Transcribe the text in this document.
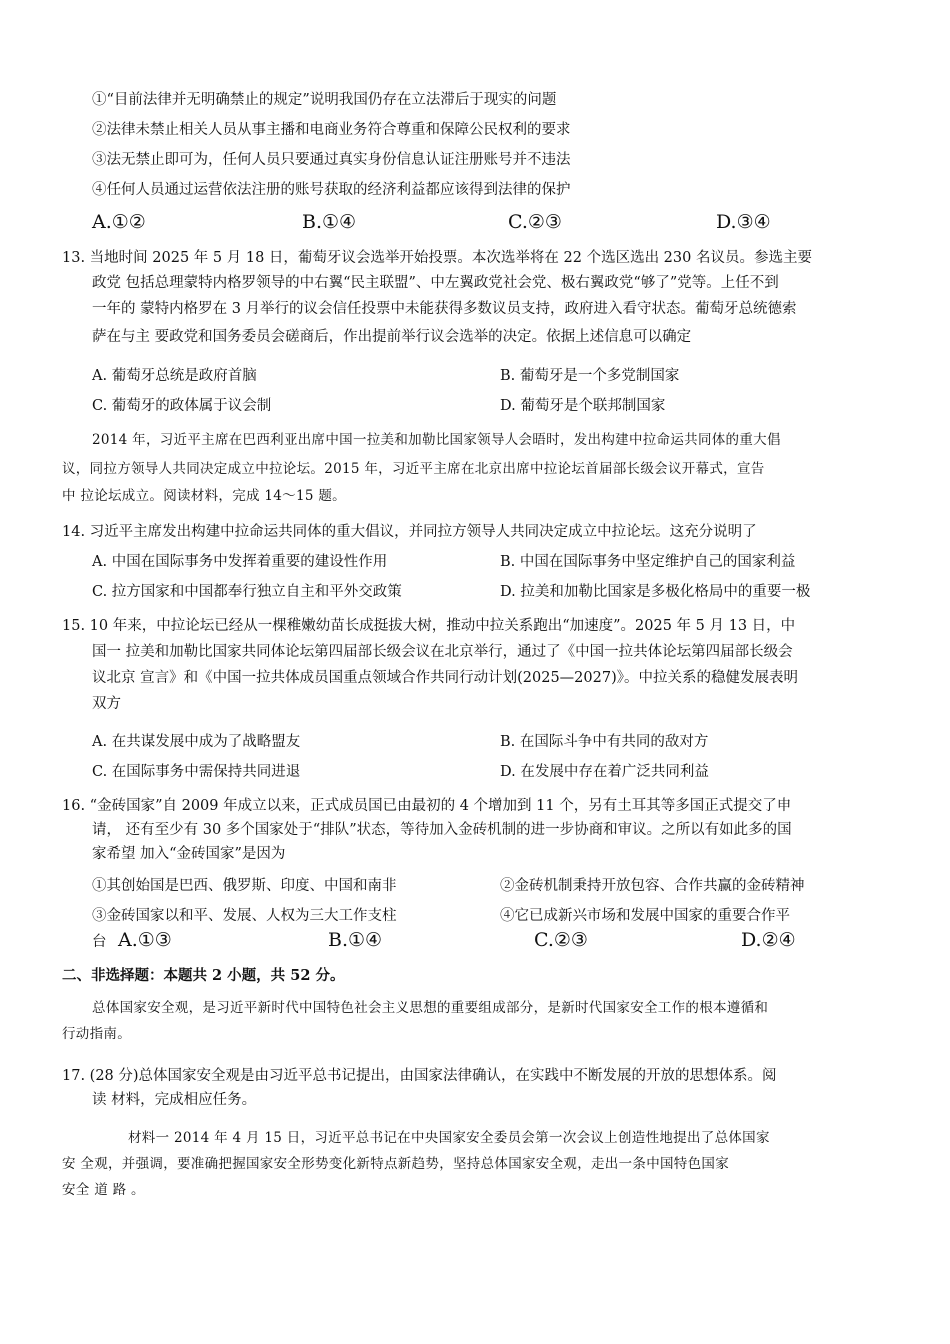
①“目前法律并无明确禁止的规定”说明我国仍存在立法滞后于现实的问题
②法律未禁止相关人员从事主播和电商业务符合尊重和保障公民权利的要求
③法无禁止即可为，任何人员只要通过真实身份信息认证注册账号并不违法
④任何人员通过运营依法注册的账号获取的经济利益都应该得到法律的保护
A.①②	B.①④	C.②③	D.③④
13. 当地时间 2025 年 5 月 18 日，葡萄牙议会选举开始投票。本次选举将在 22 个选区选出 230 名议员。参选主要
政党 包括总理蒙特内格罗领导的中右翼“民主联盟”、中左翼政党社会党、极右翼政党“够了”党等。上任不到
一年的 蒙特内格罗在 3 月举行的议会信任投票中未能获得多数议员支持，政府进入看守状态。葡萄牙总统德索
萨在与主 要政党和国务委员会磋商后，作出提前举行议会选举的决定。依据上述信息可以确定
A. 葡萄牙总统是政府首脑	B. 葡萄牙是一个多党制国家
C. 葡萄牙的政体属于议会制	D. 葡萄牙是个联邦制国家
2014 年，习近平主席在巴西利亚出席中国一拉美和加勒比国家领导人会晤时，发出构建中拉命运共同体的重大倡
议，同拉方领导人共同决定成立中拉论坛。2015 年，习近平主席在北京出席中拉论坛首届部长级会议开幕式，宣告
中 拉论坛成立。阅读材料，完成 14～15 题。
14. 习近平主席发出构建中拉命运共同体的重大倡议，并同拉方领导人共同决定成立中拉论坛。这充分说明了
A. 中国在国际事务中发挥着重要的建设性作用	B. 中国在国际事务中坚定维护自己的国家利益
C. 拉方国家和中国都奉行独立自主和平外交政策	D. 拉美和加勒比国家是多极化格局中的重要一极
15. 10 年来，中拉论坛已经从一棵稚嫩幼苗长成挺拔大树，推动中拉关系跑出“加速度”。2025 年 5 月 13 日，中
国一 拉美和加勒比国家共同体论坛第四届部长级会议在北京举行，通过了《中国一拉共体论坛第四届部长级会
议北京 宣言》和《中国一拉共体成员国重点领域合作共同行动计划(2025—2027)》。中拉关系的稳健发展表明
双方
A. 在共谋发展中成为了战略盟友	B. 在国际斗争中有共同的敌对方
C. 在国际事务中需保持共同进退	D. 在发展中存在着广泛共同利益
16. “金砖国家”自 2009 年成立以来，正式成员国已由最初的 4 个增加到 11 个，另有土耳其等多国正式提交了申
请， 还有至少有 30 多个国家处于“排队”状态，等待加入金砖机制的进一步协商和审议。之所以有如此多的国
家希望 加入“金砖国家”是因为
①其创始国是巴西、俄罗斯、印度、中国和南非	②金砖机制秉持开放包容、合作共赢的金砖精神
③金砖国家以和平、发展、人权为三大工作支柱	④它已成新兴市场和发展中国家的重要合作平
台 A.①③	B.①④	C.②③	D.②④
二、非选择题：本题共 2 小题，共 52 分。
总体国家安全观，是习近平新时代中国特色社会主义思想的重要组成部分，是新时代国家安全工作的根本遵循和
行动指南。
17. (28 分)总体国家安全观是由习近平总书记提出，由国家法律确认，在实践中不断发展的开放的思想体系。阅
读 材料，完成相应任务。
材料一 2014 年 4 月 15 日，习近平总书记在中央国家安全委员会第一次会议上创造性地提出了总体国家
安 全观，并强调，要准确把握国家安全形势变化新特点新趋势，坚持总体国家安全观，走出一条中国特色国家
安全 道 路 。
